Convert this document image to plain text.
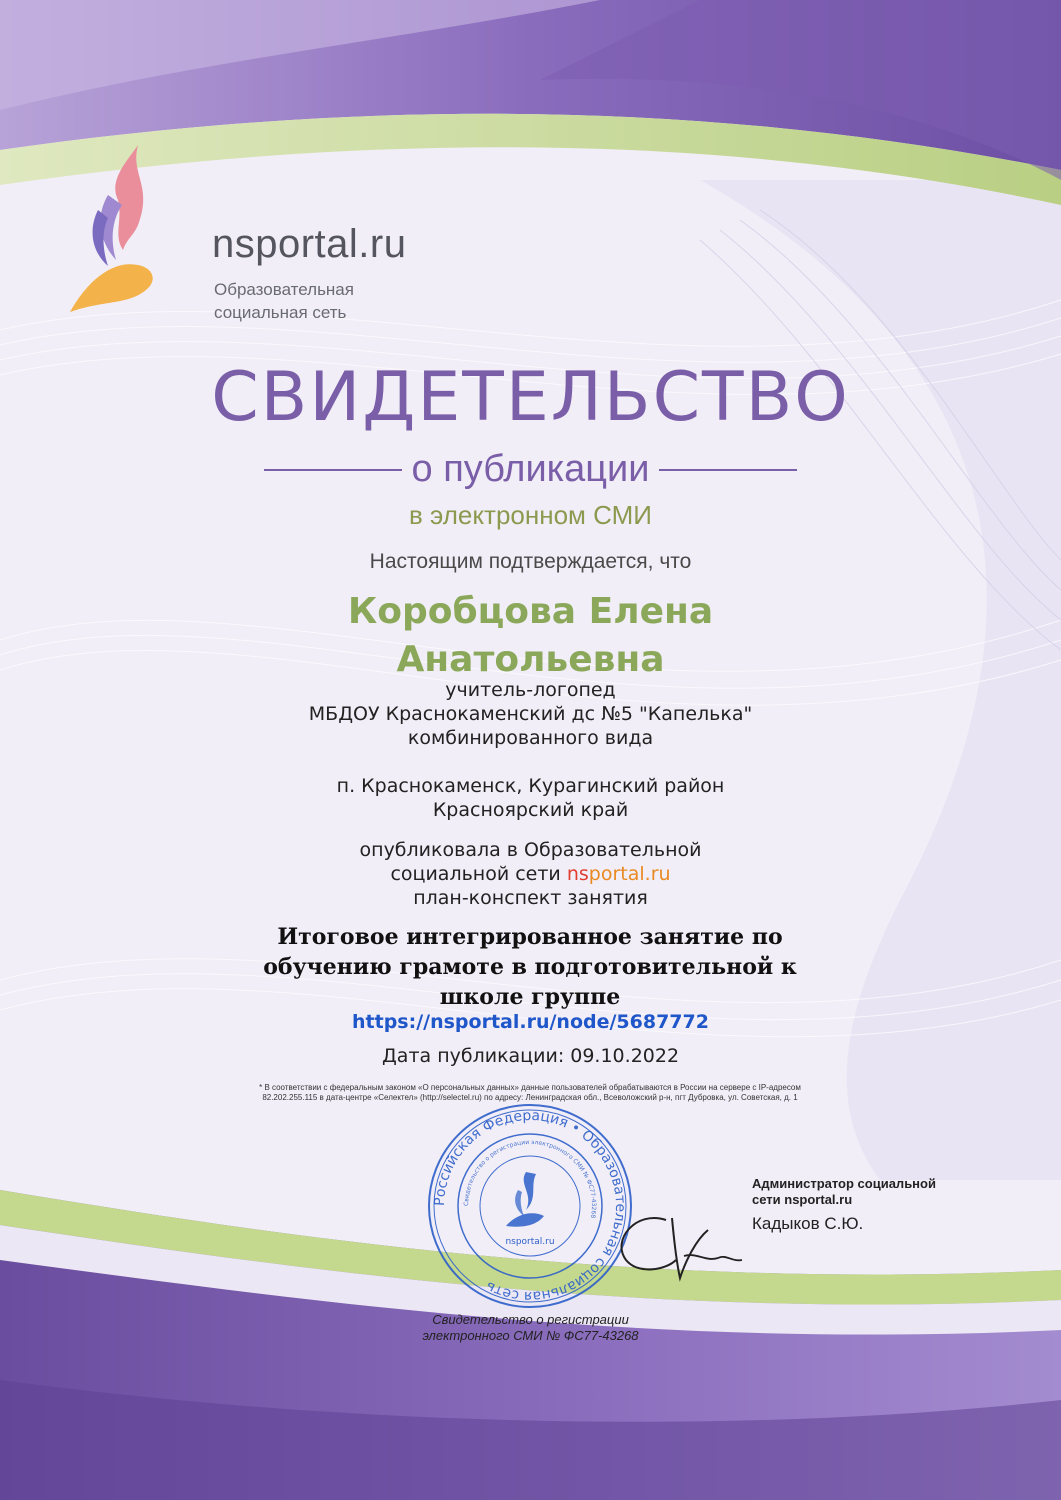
nsportal.ru
Образовательная
социальная сеть
СВИДЕТЕЛЬСТВО
о публикации
в электронном СМИ
Настоящим подтверждается, что
Коробцова Елена
Анатольевна
учитель-логопед
МБДОУ Краснокаменский дс №5 "Капелька"
комбинированного вида
п. Краснокаменск, Курагинский район
Красноярский край
опубликовала в Образовательной
социальной сети nsportal.ru
план-конспект занятия
Итоговое интегрированное занятие по
обучению грамоте в подготовительной к
школе группе
https://nsportal.ru/node/5687772
Дата публикации: 09.10.2022
* В соответствии с федеральным законом «О персональных данных» данные пользователей обрабатываются в России на сервере с IP-адресом
82.202.255.115 в дата-центре «Селектел» (http://selectel.ru) по адресу: Ленинградская обл., Всеволожский р-н, пгт Дубровка, ул. Советская, д. 1
Российская Федерация • Образовательная социальная сеть
Свидетельство о регистрации электронного СМИ № ФС77-43268
nsportal.ru
Администратор социальной
сети nsportal.ru
Кадыков С.Ю.
Свидетельство о регистрации
электронного СМИ № ФС77-43268
